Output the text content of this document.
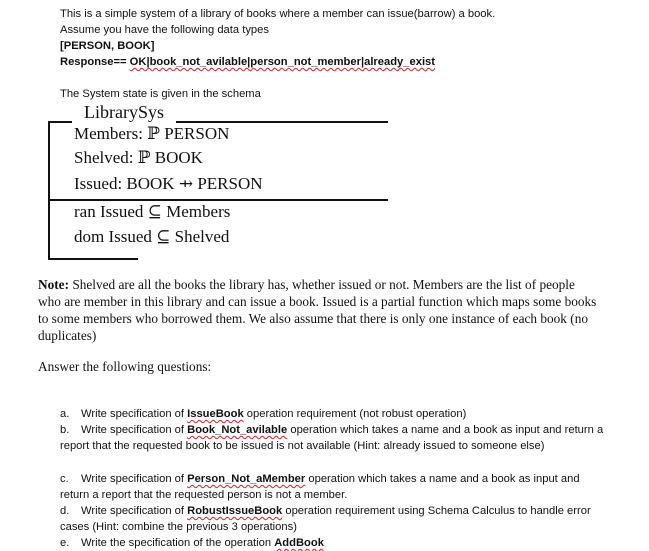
This is a simple system of a library of books where a member can issue(barrow) a book.
Assume you have the following data types
[PERSON, BOOK]
Response== OK|book_not_avilable|person_not_member|already_exist
The System state is given in the schema
LibrarySys
Members: ℙ PERSON
Shelved: ℙ BOOK
Issued: BOOK ⇸ PERSON
ran Issued ⊆ Members
dom Issued ⊆ Shelved
Note: Shelved are all the books the library has, whether issued or not. Members are the list of people who are member in this library and can issue a book. Issued is a partial function which maps some books to some members who borrowed them. We also assume that there is only one instance of each book (no duplicates)
Answer the following questions:
a. Write specification of IssueBook operation requirement (not robust operation)
b. Write specification of Book_Not_avilable operation which takes a name and a book as input and return a report that the requested book to be issued is not available (Hint: already issued to someone else)
c. Write specification of Person_Not_aMember operation which takes a name and a book as input and return a report that the requested person is not a member.
d. Write specification of RobustIssueBook operation requirement using Schema Calculus to handle error cases (Hint: combine the previous 3 operations)
e. Write the specification of the operation AddBook
